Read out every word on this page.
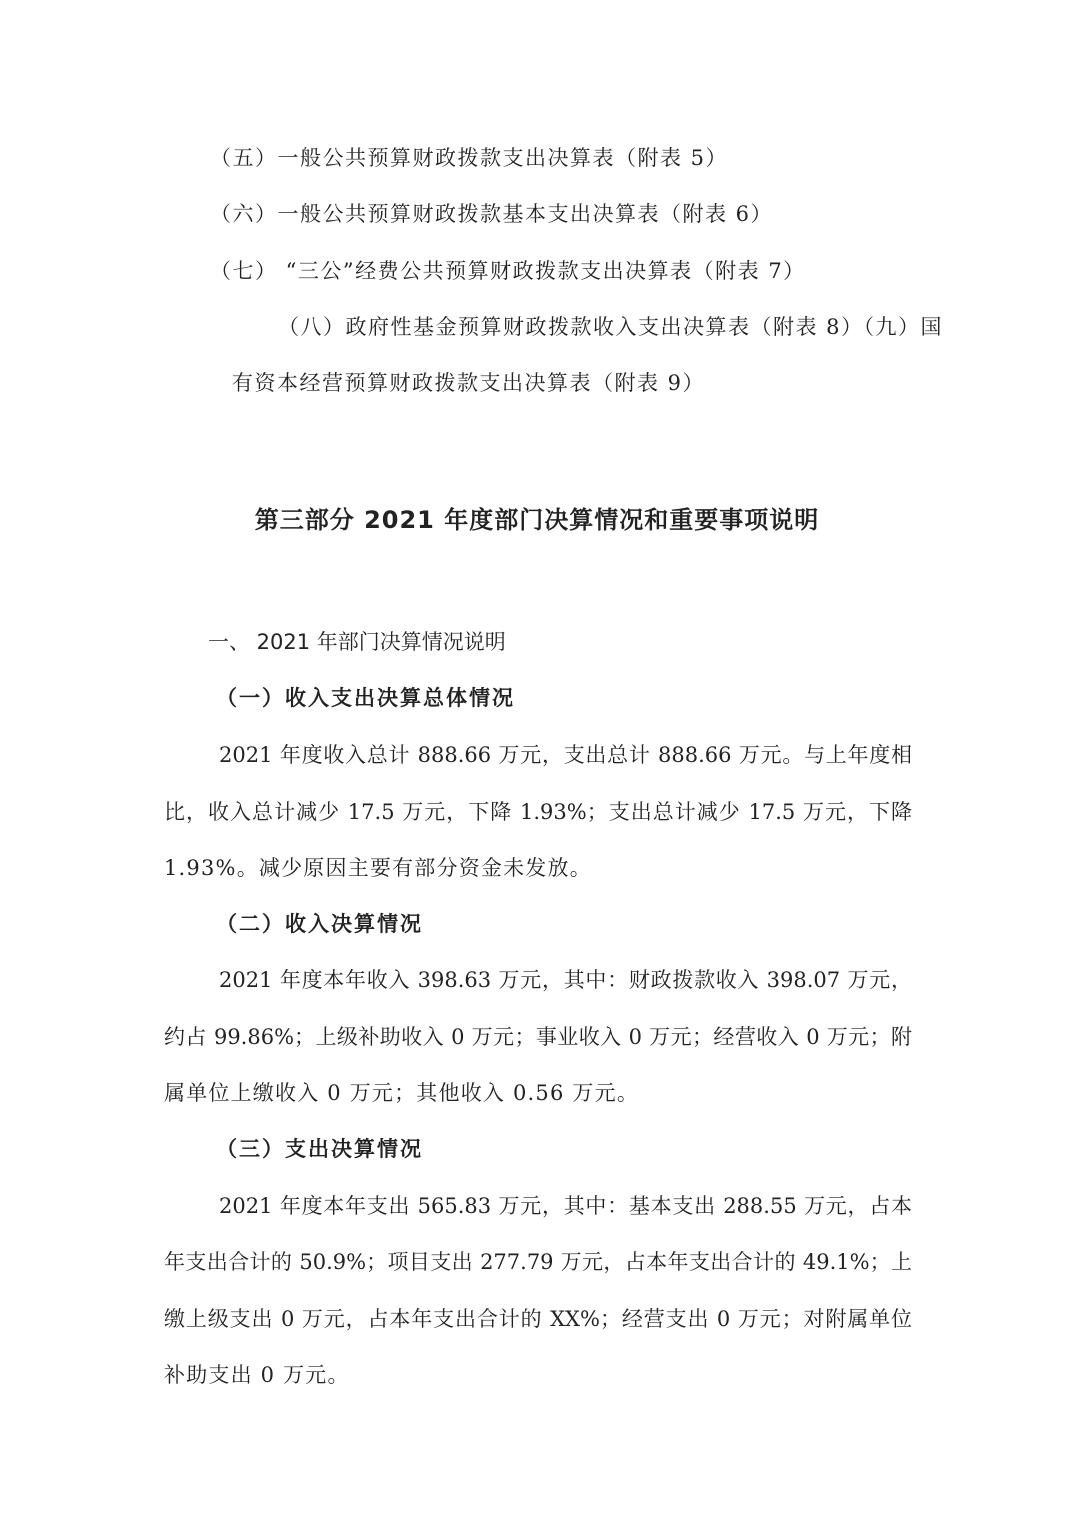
（五）一般公共预算财政拨款支出决算表（附表 5）
（六）一般公共预算财政拨款基本支出决算表（附表 6）
（七） “三公”经费公共预算财政拨款支出决算表（附表 7）
（八）政府性基金预算财政拨款收入支出决算表（附表 8）（九）国
有资本经营预算财政拨款支出决算表（附表 9）
第三部分 2021 年度部门决算情况和重要事项说明
一、 2021 年部门决算情况说明
（一）收入支出决算总体情况
2021 年度收入总计 888.66 万元，支出总计 888.66 万元。与上年度相
比，收入总计减少 17.5 万元，下降 1.93%；支出总计减少 17.5 万元，下降
1.93%。减少原因主要有部分资金未发放。
（二）收入决算情况
2021 年度本年收入 398.63 万元，其中：财政拨款收入 398.07 万元，
约占 99.86%；上级补助收入 0 万元；事业收入 0 万元；经营收入 0 万元；附
属单位上缴收入 0 万元；其他收入 0.56 万元。
（三）支出决算情况
2021 年度本年支出 565.83 万元，其中：基本支出 288.55 万元，占本
年支出合计的 50.9%；项目支出 277.79 万元，占本年支出合计的 49.1%；上
缴上级支出 0 万元，占本年支出合计的 XX%；经营支出 0 万元；对附属单位
补助支出 0 万元。
